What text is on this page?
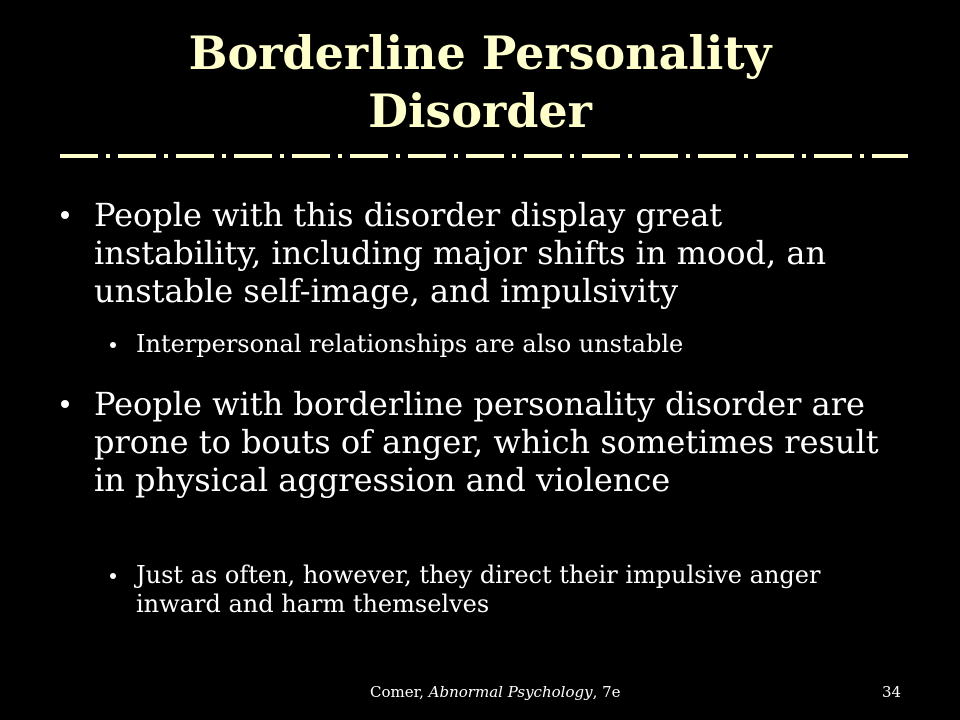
Borderline Personality
Disorder
People with this disorder display great instability, including major shifts in mood, an unstable self-image, and impulsivity
Interpersonal relationships are also unstable
People with borderline personality disorder are prone to bouts of anger, which sometimes result in physical aggression and violence
Just as often, however, they direct their impulsive anger inward and harm themselves
Comer, Abnormal Psychology, 7e	34
